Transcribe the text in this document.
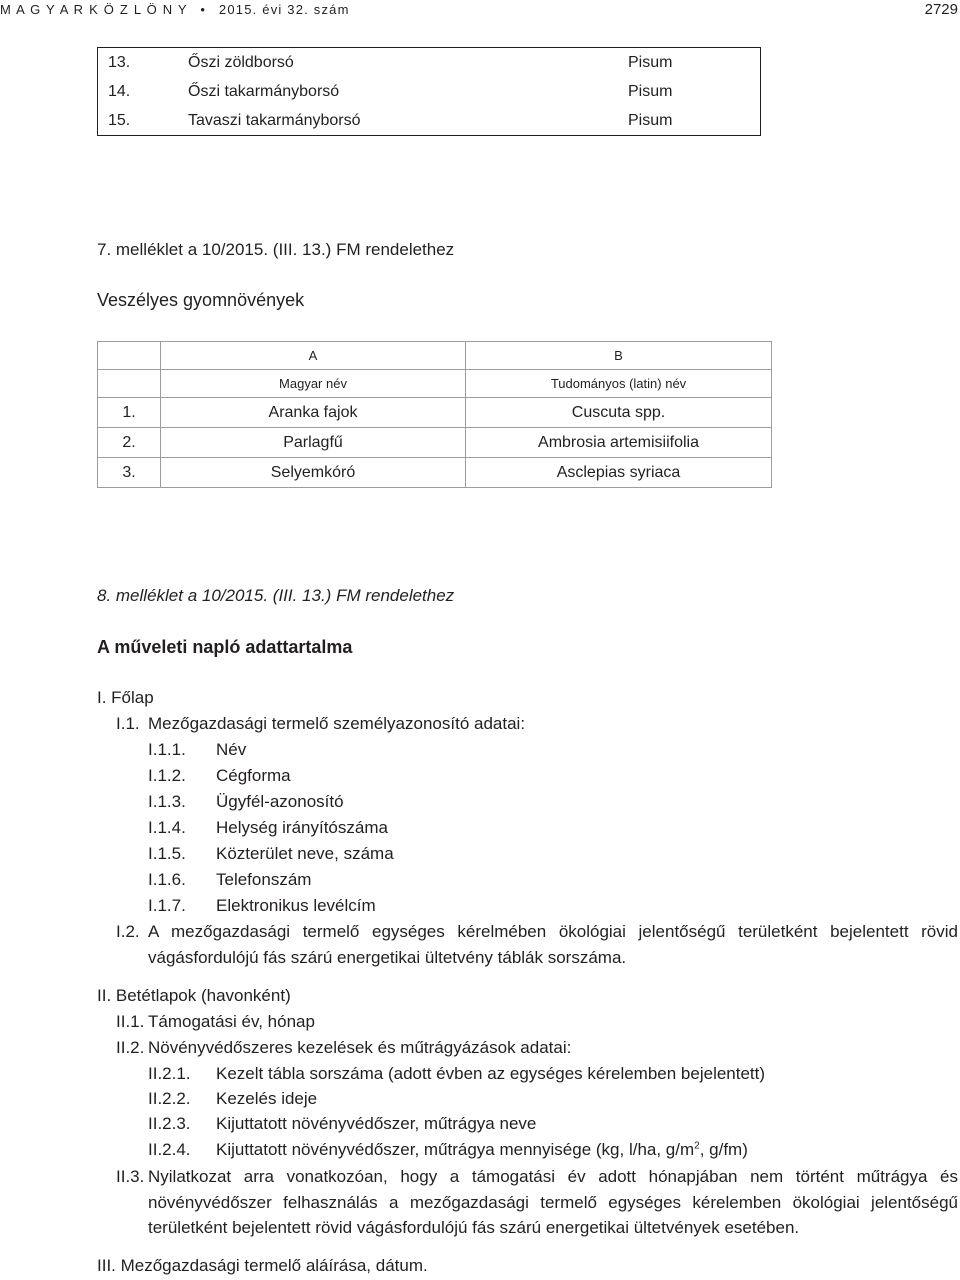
M A G Y A R K Ö Z L Ö N Y • 2015. évi 32. szám	2729
13.	Őszi zöldborsó	Pisum
14.	Őszi takarmányborsó	Pisum
15.	Tavaszi takarmányborsó	Pisum
7. melléklet a 10/2015. (III. 13.) FM rendelethez
Veszélyes gyomnövények
	A	B
	Magyar név	Tudományos (latin) név
1.	Aranka fajok	Cuscuta spp.
2.	Parlagfű	Ambrosia artemisiifolia
3.	Selyemkóró	Asclepias syriaca
8. melléklet a 10/2015. (III. 13.) FM rendelethez
A műveleti napló adattartalma
I. Főlap
I.1. Mezőgazdasági termelő személyazonosító adatai:
I.1.1. Név
I.1.2. Cégforma
I.1.3. Ügyfél-azonosító
I.1.4. Helység irányítószáma
I.1.5. Közterület neve, száma
I.1.6. Telefonszám
I.1.7. Elektronikus levélcím
I.2. A mezőgazdasági termelő egységes kérelmében ökológiai jelentőségű területként bejelentett rövid
vágásfordulójú fás szárú energetikai ültetvény táblák sorszáma.
II. Betétlapok (havonként)
II.1. Támogatási év, hónap
II.2. Növényvédőszeres kezelések és műtrágyázások adatai:
II.2.1. Kezelt tábla sorszáma (adott évben az egységes kérelemben bejelentett)
II.2.2. Kezelés ideje
II.2.3. Kijuttatott növényvédőszer, műtrágya neve
II.2.4. Kijuttatott növényvédőszer, műtrágya mennyisége (kg, l/ha, $g/m^2$, g/fm)
II.3. Nyilatkozat arra vonatkozóan, hogy a támogatási év adott hónapjában nem történt műtrágya és
növényvédőszer felhasználás a mezőgazdasági termelő egységes kérelemben ökológiai jelentőségű
területként bejelentett rövid vágásfordulójú fás szárú energetikai ültetvények esetében.
III. Mezőgazdasági termelő aláírása, dátum.
